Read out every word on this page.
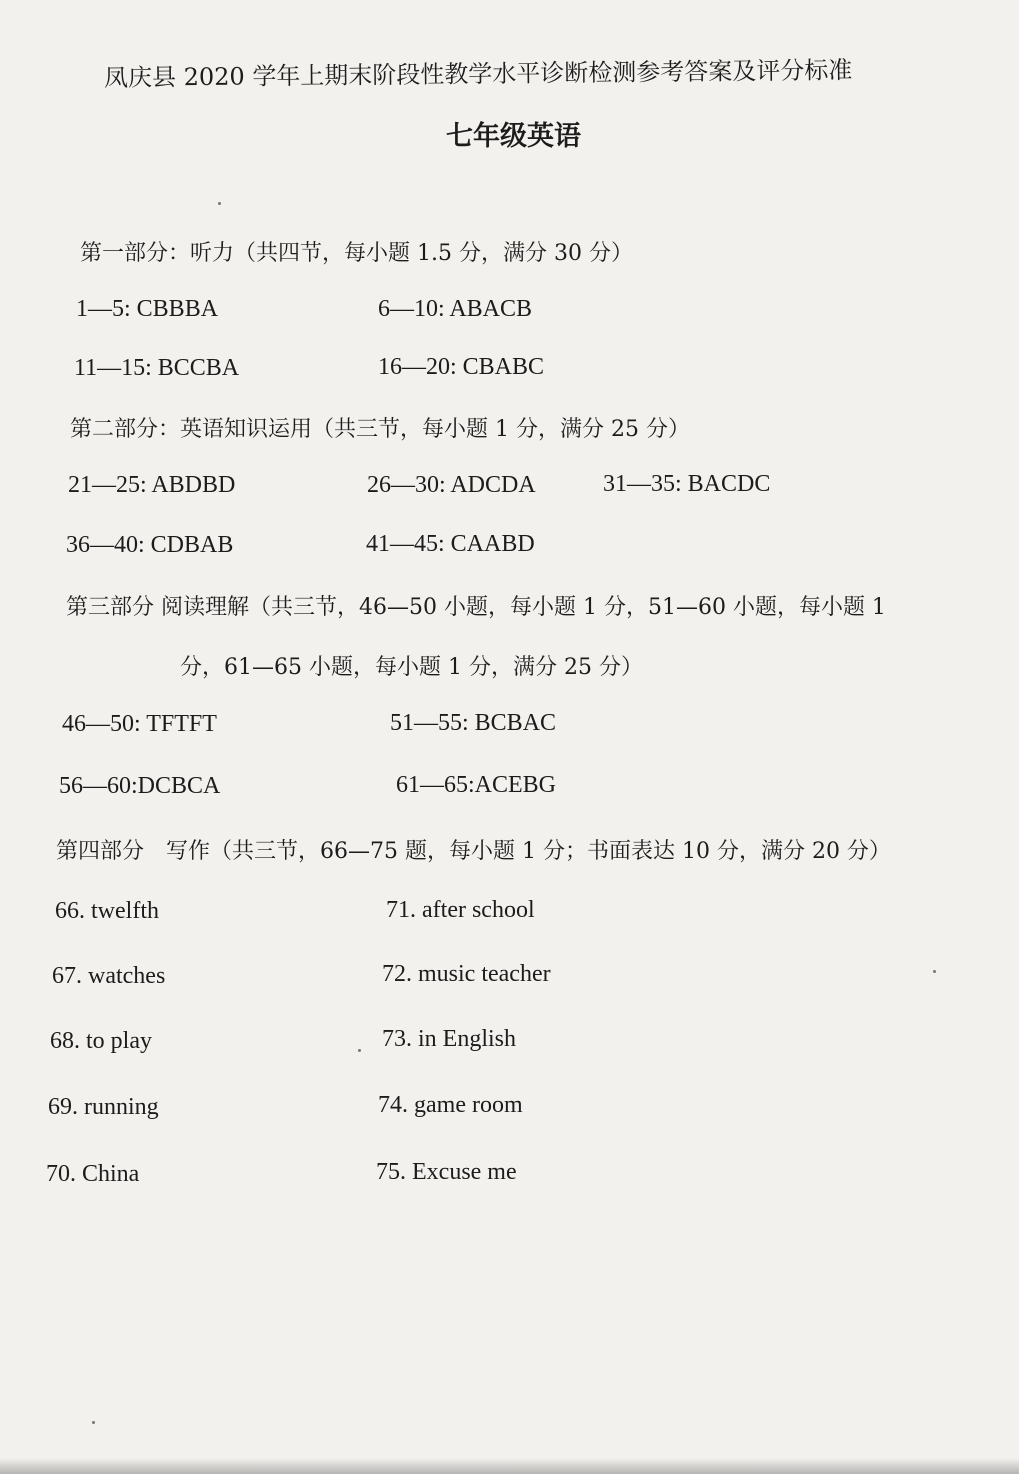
凤庆县 2020 学年上期末阶段性教学水平诊断检测参考答案及评分标准
七年级英语
第一部分：听力（共四节，每小题 1.5 分，满分 30 分）
1—5: CBBBA	6—10: ABACB
11—15: BCCBA	16—20: CBABC
第二部分：英语知识运用（共三节，每小题 1 分，满分 25 分）
21—25: ABDBD	26—30: ADCDA	31—35: BACDC
36—40: CDBAB	41—45: CAABD
第三部分 阅读理解（共三节，46—50 小题，每小题 1 分，51—60 小题，每小题 1
分，61—65 小题，每小题 1 分，满分 25 分）
46—50: TFTFT	51—55: BCBAC
56—60:DCBCA	61—65:ACEBG
第四部分　写作（共三节，66—75 题，每小题 1 分；书面表达 10 分，满分 20 分）
66. twelfth	71. after school
67. watches	72. music teacher
68. to play	73. in English
69. running	74. game room
70. China	75. Excuse me
